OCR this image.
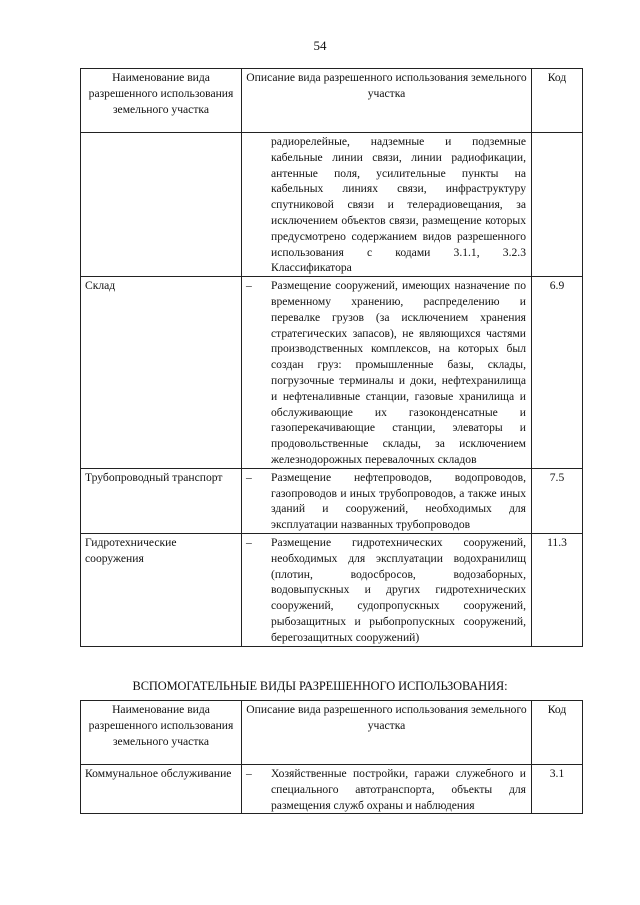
54
Наименование вида разрешенного использования земельного участка	Описание вида разрешенного использования земельного участка	Код
	радиорелейные, надземные и подземные кабельные линии связи, линии радиофикации, антенные поля, усилительные пункты на кабельных линиях связи, инфраструктуру спутниковой связи и телерадиовещания, за исключением объектов связи, размещение которых предусмотрено содержанием видов разрешенного использования с кодами 3.1.1, 3.2.3 Классификатора	
Склад	– Размещение сооружений, имеющих назначение по временному хранению, распределению и перевалке грузов (за исключением хранения стратегических запасов), не являющихся частями производственных комплексов, на которых был создан груз: промышленные базы, склады, погрузочные терминалы и доки, нефтехранилища и нефтеналивные станции, газовые хранилища и обслуживающие их газоконденсатные и газоперекачивающие станции, элеваторы и продовольственные склады, за исключением железнодорожных перевалочных складов	6.9
Трубопроводный транспорт	– Размещение нефтепроводов, водопроводов, газопроводов и иных трубопроводов, а также иных зданий и сооружений, необходимых для эксплуатации названных трубопроводов	7.5
Гидротехнические сооружения	– Размещение гидротехнических сооружений, необходимых для эксплуатации водохранилищ (плотин, водосбросов, водозаборных, водовыпускных и других гидротехнических сооружений, судопропускных сооружений, рыбозащитных и рыбопропускных сооружений, берегозащитных сооружений)	11.3
ВСПОМОГАТЕЛЬНЫЕ ВИДЫ РАЗРЕШЕННОГО ИСПОЛЬЗОВАНИЯ:
Наименование вида разрешенного использования земельного участка	Описание вида разрешенного использования земельного участка	Код
Коммунальное обслуживание	– Хозяйственные постройки, гаражи служебного и специального автотранспорта, объекты для размещения служб охраны и наблюдения	3.1
